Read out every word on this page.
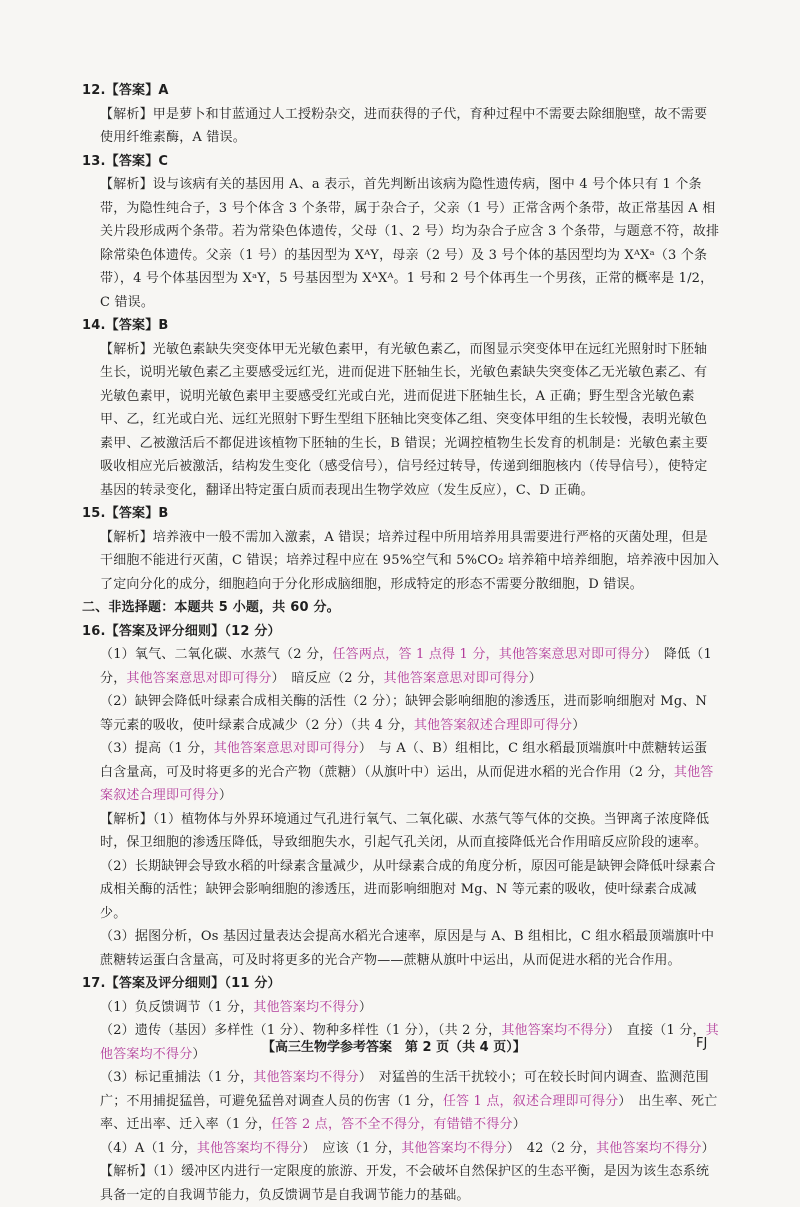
12.【答案】A
【解析】甲是萝卜和甘蓝通过人工授粉杂交，进而获得的子代，育种过程中不需要去除细胞壁，故不需要使用纤维素酶，A 错误。
13.【答案】C
【解析】设与该病有关的基因用 A、a 表示，首先判断出该病为隐性遗传病，图中 4 号个体只有 1 个条带，为隐性纯合子，3 号个体含 3 个条带，属于杂合子，父亲（1 号）正常含两个条带，故正常基因 A 相关片段形成两个条带。若为常染色体遗传，父母（1、2 号）均为杂合子应含 3 个条带，与题意不符，故排除常染色体遗传。父亲（1 号）的基因型为 XᴬY，母亲（2 号）及 3 号个体的基因型均为 XᴬXᵃ（3 个条带），4 号个体基因型为 XᵃY，5 号基因型为 XᴬXᴬ。1 号和 2 号个体再生一个男孩，正常的概率是 1/2，C 错误。
14.【答案】B
【解析】光敏色素缺失突变体甲无光敏色素甲，有光敏色素乙，而图显示突变体甲在远红光照射时下胚轴生长，说明光敏色素乙主要感受远红光，进而促进下胚轴生长，光敏色素缺失突变体乙无光敏色素乙、有光敏色素甲，说明光敏色素甲主要感受红光或白光，进而促进下胚轴生长，A 正确；野生型含光敏色素甲、乙，红光或白光、远红光照射下野生型组下胚轴比突变体乙组、突变体甲组的生长较慢，表明光敏色素甲、乙被激活后不都促进该植物下胚轴的生长，B 错误；光调控植物生长发育的机制是：光敏色素主要吸收相应光后被激活，结构发生变化（感受信号），信号经过转导，传递到细胞核内（传导信号），使特定基因的转录变化，翻译出特定蛋白质而表现出生物学效应（发生反应），C、D 正确。
15.【答案】B
【解析】培养液中一般不需加入激素，A 错误；培养过程中所用培养用具需要进行严格的灭菌处理，但是干细胞不能进行灭菌，C 错误；培养过程中应在 95%空气和 5%CO₂ 培养箱中培养细胞，培养液中因加入了定向分化的成分，细胞趋向于分化形成脑细胞，形成特定的形态不需要分散细胞，D 错误。
二、非选择题：本题共 5 小题，共 60 分。
16.【答案及评分细则】（12 分）
（1）氧气、二氧化碳、水蒸气（2 分，任答两点，答 1 点得 1 分，其他答案意思对即可得分）　降低（1 分，其他答案意思对即可得分）　暗反应（2 分，其他答案意思对即可得分）
（2）缺钾会降低叶绿素合成相关酶的活性（2 分）；缺钾会影响细胞的渗透压，进而影响细胞对 Mg、N 等元素的吸收，使叶绿素合成减少（2 分）（共 4 分，其他答案叙述合理即可得分）
（3）提高（1 分，其他答案意思对即可得分）　与 A（、B）组相比，C 组水稻最顶端旗叶中蔗糖转运蛋白含量高，可及时将更多的光合产物（蔗糖）（从旗叶中）运出，从而促进水稻的光合作用（2 分，其他答案叙述合理即可得分）
【解析】（1）植物体与外界环境通过气孔进行氧气、二氧化碳、水蒸气等气体的交换。当钾离子浓度降低时，保卫细胞的渗透压降低，导致细胞失水，引起气孔关闭，从而直接降低光合作用暗反应阶段的速率。
（2）长期缺钾会导致水稻的叶绿素含量减少，从叶绿素合成的角度分析，原因可能是缺钾会降低叶绿素合成相关酶的活性；缺钾会影响细胞的渗透压，进而影响细胞对 Mg、N 等元素的吸收，使叶绿素合成减少。
（3）据图分析，Os 基因过量表达会提高水稻光合速率，原因是与 A、B 组相比，C 组水稻最顶端旗叶中蔗糖转运蛋白含量高，可及时将更多的光合产物——蔗糖从旗叶中运出，从而促进水稻的光合作用。
17.【答案及评分细则】（11 分）
（1）负反馈调节（1 分，其他答案均不得分）
（2）遗传（基因）多样性（1 分）、物种多样性（1 分），（共 2 分，其他答案均不得分）　直接（1 分，其他答案均不得分）
（3）标记重捕法（1 分，其他答案均不得分）　对猛兽的生活干扰较小；可在较长时间内调查、监测范围广；不用捕捉猛兽，可避免猛兽对调查人员的伤害（1 分，任答 1 点，叙述合理即可得分）　出生率、死亡率、迁出率、迁入率（1 分，任答 2 点，答不全不得分，有错错不得分）
（4）A（1 分，其他答案均不得分）　应该（1 分，其他答案均不得分）　42（2 分，其他答案均不得分）
【解析】（1）缓冲区内进行一定限度的旅游、开发，不会破坏自然保护区的生态平衡，是因为该生态系统具备一定的自我调节能力，负反馈调节是自我调节能力的基础。
【高三生物学参考答案　第 2 页（共 4 页）】	FJ
